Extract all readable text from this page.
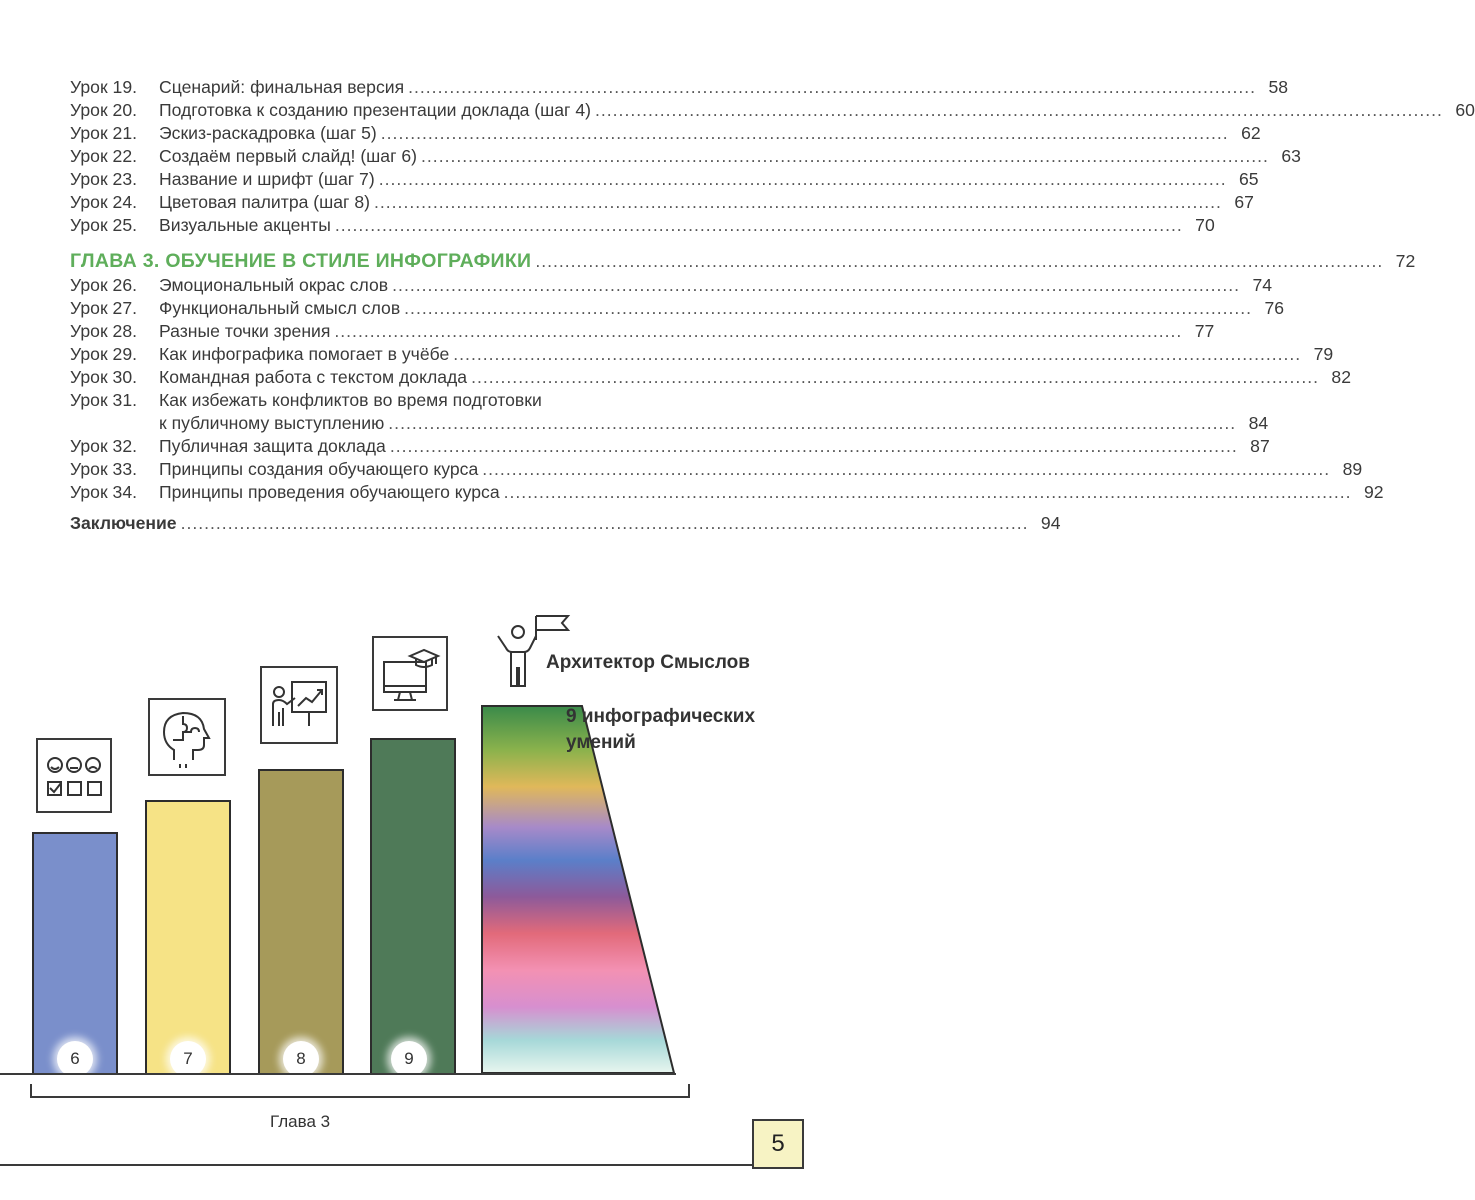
Урок 19.	Сценарий: финальная версия ................................................................................................................................................ 58
Урок 20.	Подготовка к созданию презентации доклада (шаг 4) ................................................................................................................................................ 60
Урок 21.	Эскиз-раскадровка (шаг 5) ................................................................................................................................................ 62
Урок 22.	Создаём первый слайд! (шаг 6) ................................................................................................................................................ 63
Урок 23.	Название и шрифт (шаг 7) ................................................................................................................................................ 65
Урок 24.	Цветовая палитра (шаг 8) ................................................................................................................................................ 67
Урок 25.	Визуальные акценты ................................................................................................................................................ 70
ГЛАВА 3. ОБУЧЕНИЕ В СТИЛЕ ИНФОГРАФИКИ ................................................................................................................................................ 72
Урок 26.	Эмоциональный окрас слов ................................................................................................................................................ 74
Урок 27.	Функциональный смысл слов ................................................................................................................................................ 76
Урок 28.	Разные точки зрения ................................................................................................................................................ 77
Урок 29.	Как инфографика помогает в учёбе ................................................................................................................................................ 79
Урок 30.	Командная работа с текстом доклада ................................................................................................................................................ 82
Урок 31.	Как избежать конфликтов во время подготовки
к публичному выступлению ................................................................................................................................................ 84
Урок 32.	Публичная защита доклада ................................................................................................................................................ 87
Урок 33.	Принципы создания обучающего курса ................................................................................................................................................ 89
Урок 34.	Принципы проведения обучающего курса ................................................................................................................................................ 92
Заключение ................................................................................................................................................ 94
6	7	8	9
Архитектор Смыслов
9 инфографических умений
Глава 3
5
